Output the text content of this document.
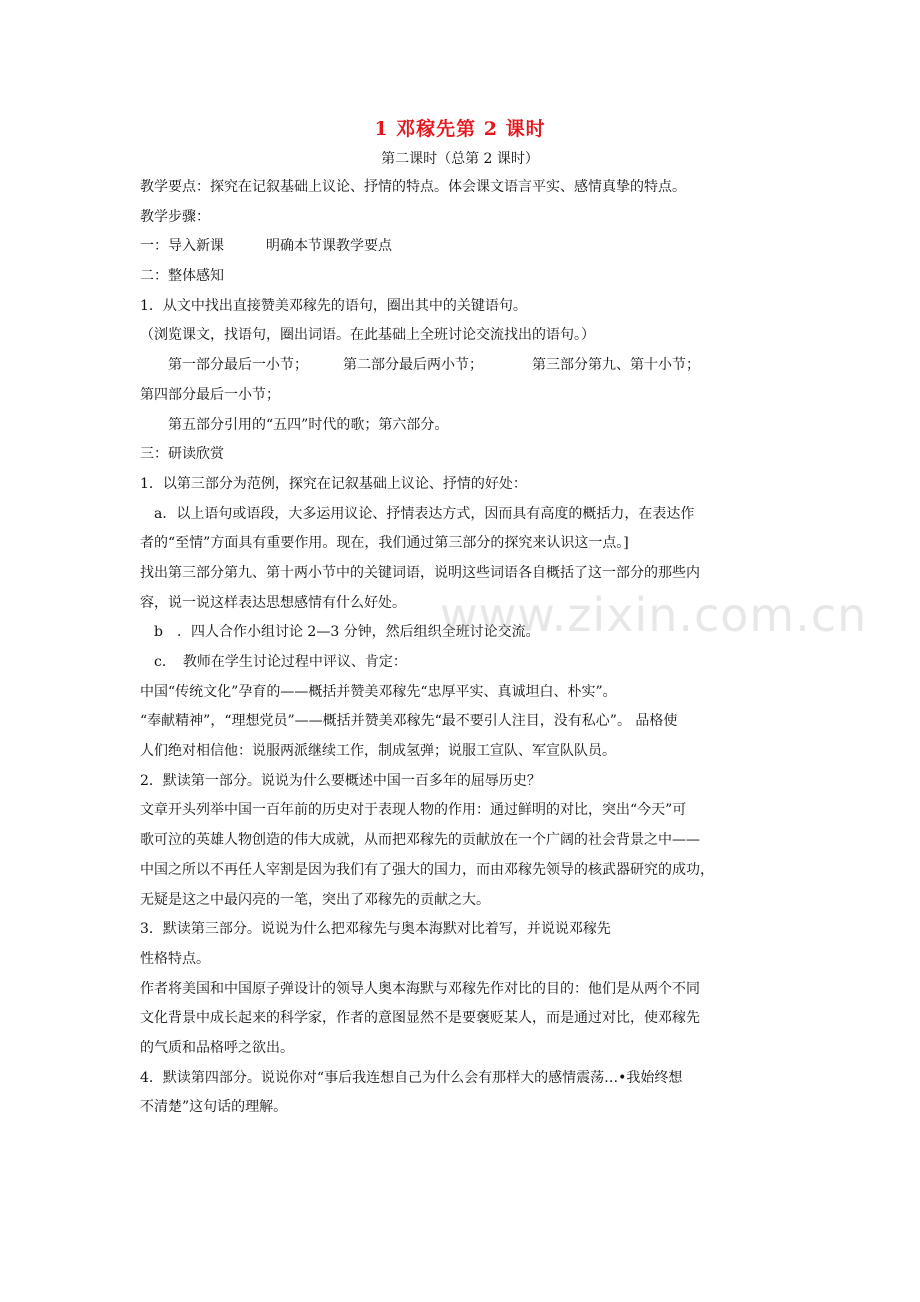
1 邓稼先第 2 课时
第二课时（总第 2 课时）
教学要点：探究在记叙基础上议论、抒情的特点。体会课文语言平实、感情真挚的特点。
教学步骤：
一：导入新课　　　明确本节课教学要点
二：整体感知
1．从文中找出直接赞美邓稼先的语句，圈出其中的关键语句。
（浏览课文，找语句，圈出词语。在此基础上全班讨论交流找出的语句。）
　　第一部分最后一小节；　　　第二部分最后两小节；　　　　第三部分第九、第十小节；
第四部分最后一小节；
　　第五部分引用的“五四”时代的歌；第六部分。
三：研读欣赏
1．以第三部分为范例，探究在记叙基础上议论、抒情的好处：
　a．以上语句或语段，大多运用议论、抒情表达方式，因而具有高度的概括力，在表达作
者的“至情”方面具有重要作用。现在，我们通过第三部分的探究来认识这一点。]
找出第三部分第九、第十两小节中的关键词语，说明这些词语各自概括了这一部分的那些内
容，说一说这样表达思想感情有什么好处。
　b　．四人合作小组讨论 2—3 分钟，然后组织全班讨论交流。
　c．　教师在学生讨论过程中评议、肯定：
中国“传统文化”孕育的——概括并赞美邓稼先“忠厚平实、真诚坦白、朴实”。
“奉献精神”，“理想党员”——概括并赞美邓稼先“最不要引人注目，没有私心”。 品格使
人们绝对相信他：说服两派继续工作，制成氢弹；说服工宣队、军宣队队员。
2．默读第一部分。说说为什么要概述中国一百多年的屈辱历史？
文章开头列举中国一百年前的历史对于表现人物的作用：通过鲜明的对比，突出“今天”可
歌可泣的英雄人物创造的伟大成就，从而把邓稼先的贡献放在一个广阔的社会背景之中——
中国之所以不再任人宰割是因为我们有了强大的国力，而由邓稼先领导的核武器研究的成功，
无疑是这之中最闪亮的一笔，突出了邓稼先的贡献之大。
3．默读第三部分。说说为什么把邓稼先与奥本海默对比着写，并说说邓稼先
性格特点。
作者将美国和中国原子弹设计的领导人奥本海默与邓稼先作对比的目的：他们是从两个不同
文化背景中成长起来的科学家，作者的意图显然不是要褒贬某人，而是通过对比，使邓稼先
的气质和品格呼之欲出。
4．默读第四部分。说说你对“事后我连想自己为什么会有那样大的感情震荡…•我始终想
不清楚”这句话的理解。
www.zixin.com.cn
